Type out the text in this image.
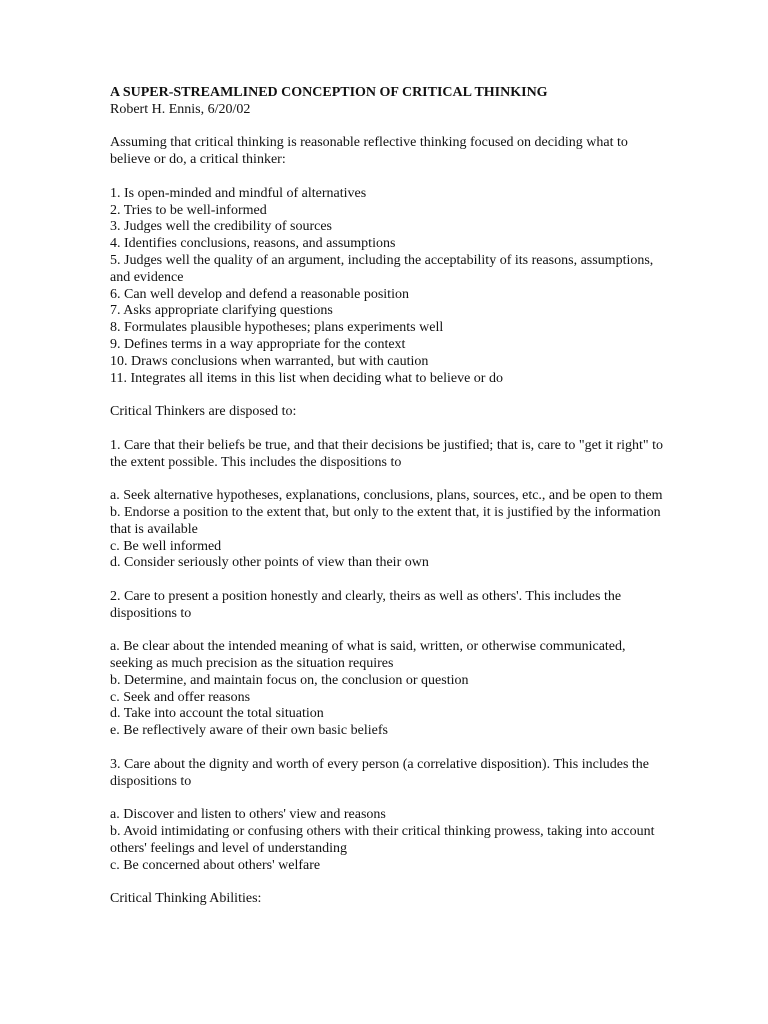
A SUPER-STREAMLINED CONCEPTION OF CRITICAL THINKING

Robert H. Ennis, 6/20/02

Assuming that critical thinking is reasonable reflective thinking focused on deciding what to believe or do, a critical thinker:

1. Is open-minded and mindful of alternatives

2. Tries to be well-informed

3. Judges well the credibility of sources

4. Identifies conclusions, reasons, and assumptions

5. Judges well the quality of an argument, including the acceptability of its reasons, assumptions, and evidence

6. Can well develop and defend a reasonable position

7. Asks appropriate clarifying questions

8. Formulates plausible hypotheses; plans experiments well

9. Defines terms in a way appropriate for the context

10. Draws conclusions when warranted, but with caution

11. Integrates all items in this list when deciding what to believe or do

Critical Thinkers are disposed to:

1. Care that their beliefs be true, and that their decisions be justified; that is, care to "get it right" to the extent possible. This includes the dispositions to

a. Seek alternative hypotheses, explanations, conclusions, plans, sources, etc., and be open to them

b. Endorse a position to the extent that, but only to the extent that, it is justified by the information that is available

c. Be well informed

d. Consider seriously other points of view than their own

2. Care to present a position honestly and clearly, theirs as well as others'. This includes the dispositions to

a. Be clear about the intended meaning of what is said, written, or otherwise communicated, seeking as much precision as the situation requires

b. Determine, and maintain focus on, the conclusion or question

c. Seek and offer reasons

d. Take into account the total situation

e. Be reflectively aware of their own basic beliefs

3. Care about the dignity and worth of every person (a correlative disposition). This includes the dispositions to

a. Discover and listen to others' view and reasons

b. Avoid intimidating or confusing others with their critical thinking prowess, taking into account others' feelings and level of understanding

c. Be concerned about others' welfare

Critical Thinking Abilities:
